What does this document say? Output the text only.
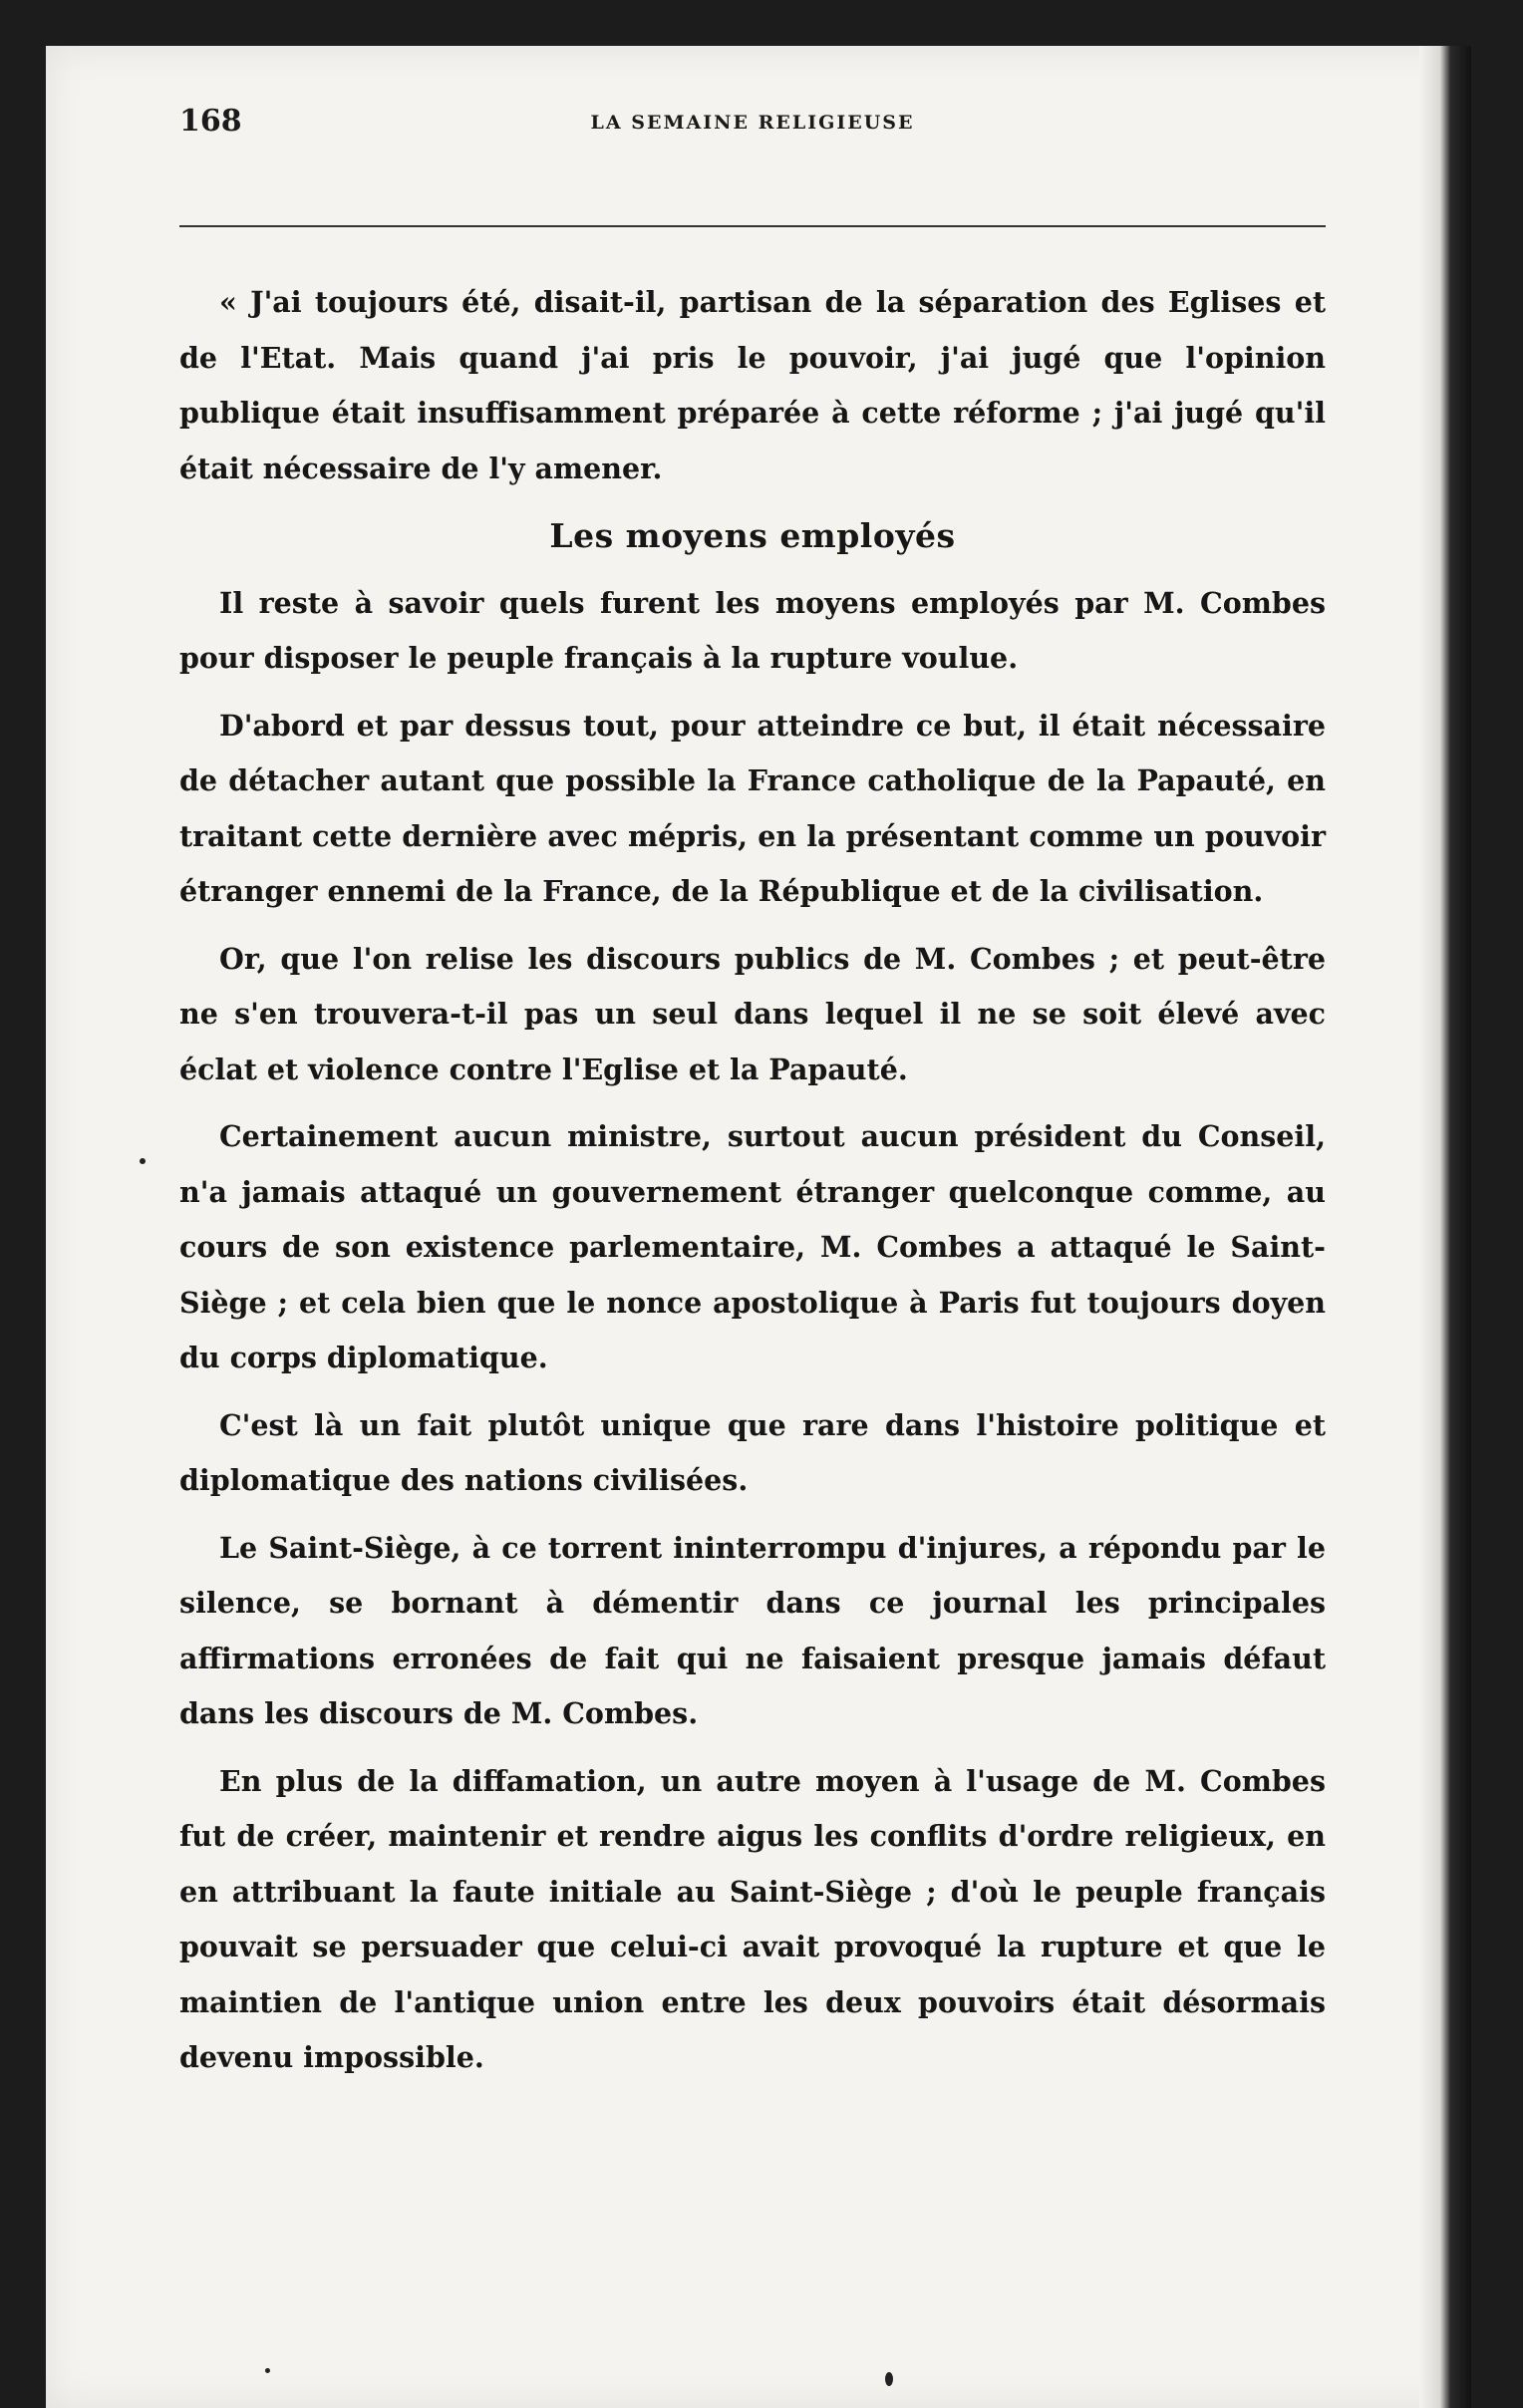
168	LA SEMAINE RELIGIEUSE

« J'ai toujours été, disait-il, partisan de la séparation des Eglises et de l'Etat. Mais quand j'ai pris le pouvoir, j'ai jugé que l'opinion publique était insuffisamment préparée à cette réforme ; j'ai jugé qu'il était nécessaire de l'y amener.

Les moyens employés

Il reste à savoir quels furent les moyens employés par M. Combes pour disposer le peuple français à la rupture voulue.

D'abord et par dessus tout, pour atteindre ce but, il était nécessaire de détacher autant que possible la France catholique de la Papauté, en traitant cette dernière avec mépris, en la présentant comme un pouvoir étranger ennemi de la France, de la République et de la civilisation.

Or, que l'on relise les discours publics de M. Combes ; et peut-être ne s'en trouvera-t-il pas un seul dans lequel il ne se soit élevé avec éclat et violence contre l'Eglise et la Papauté.

Certainement aucun ministre, surtout aucun président du Conseil, n'a jamais attaqué un gouvernement étranger quelconque comme, au cours de son existence parlementaire, M. Combes a attaqué le Saint-Siège ; et cela bien que le nonce apostolique à Paris fut toujours doyen du corps diplomatique.

C'est là un fait plutôt unique que rare dans l'histoire politique et diplomatique des nations civilisées.

Le Saint-Siège, à ce torrent ininterrompu d'injures, a répondu par le silence, se bornant à démentir dans ce journal les principales affirmations erronées de fait qui ne faisaient presque jamais défaut dans les discours de M. Combes.

En plus de la diffamation, un autre moyen à l'usage de M. Combes fut de créer, maintenir et rendre aigus les conflits d'ordre religieux, en en attribuant la faute initiale au Saint-Siège ; d'où le peuple français pouvait se persuader que celui-ci avait provoqué la rupture et que le maintien de l'antique union entre les deux pouvoirs était désormais devenu impossible.
